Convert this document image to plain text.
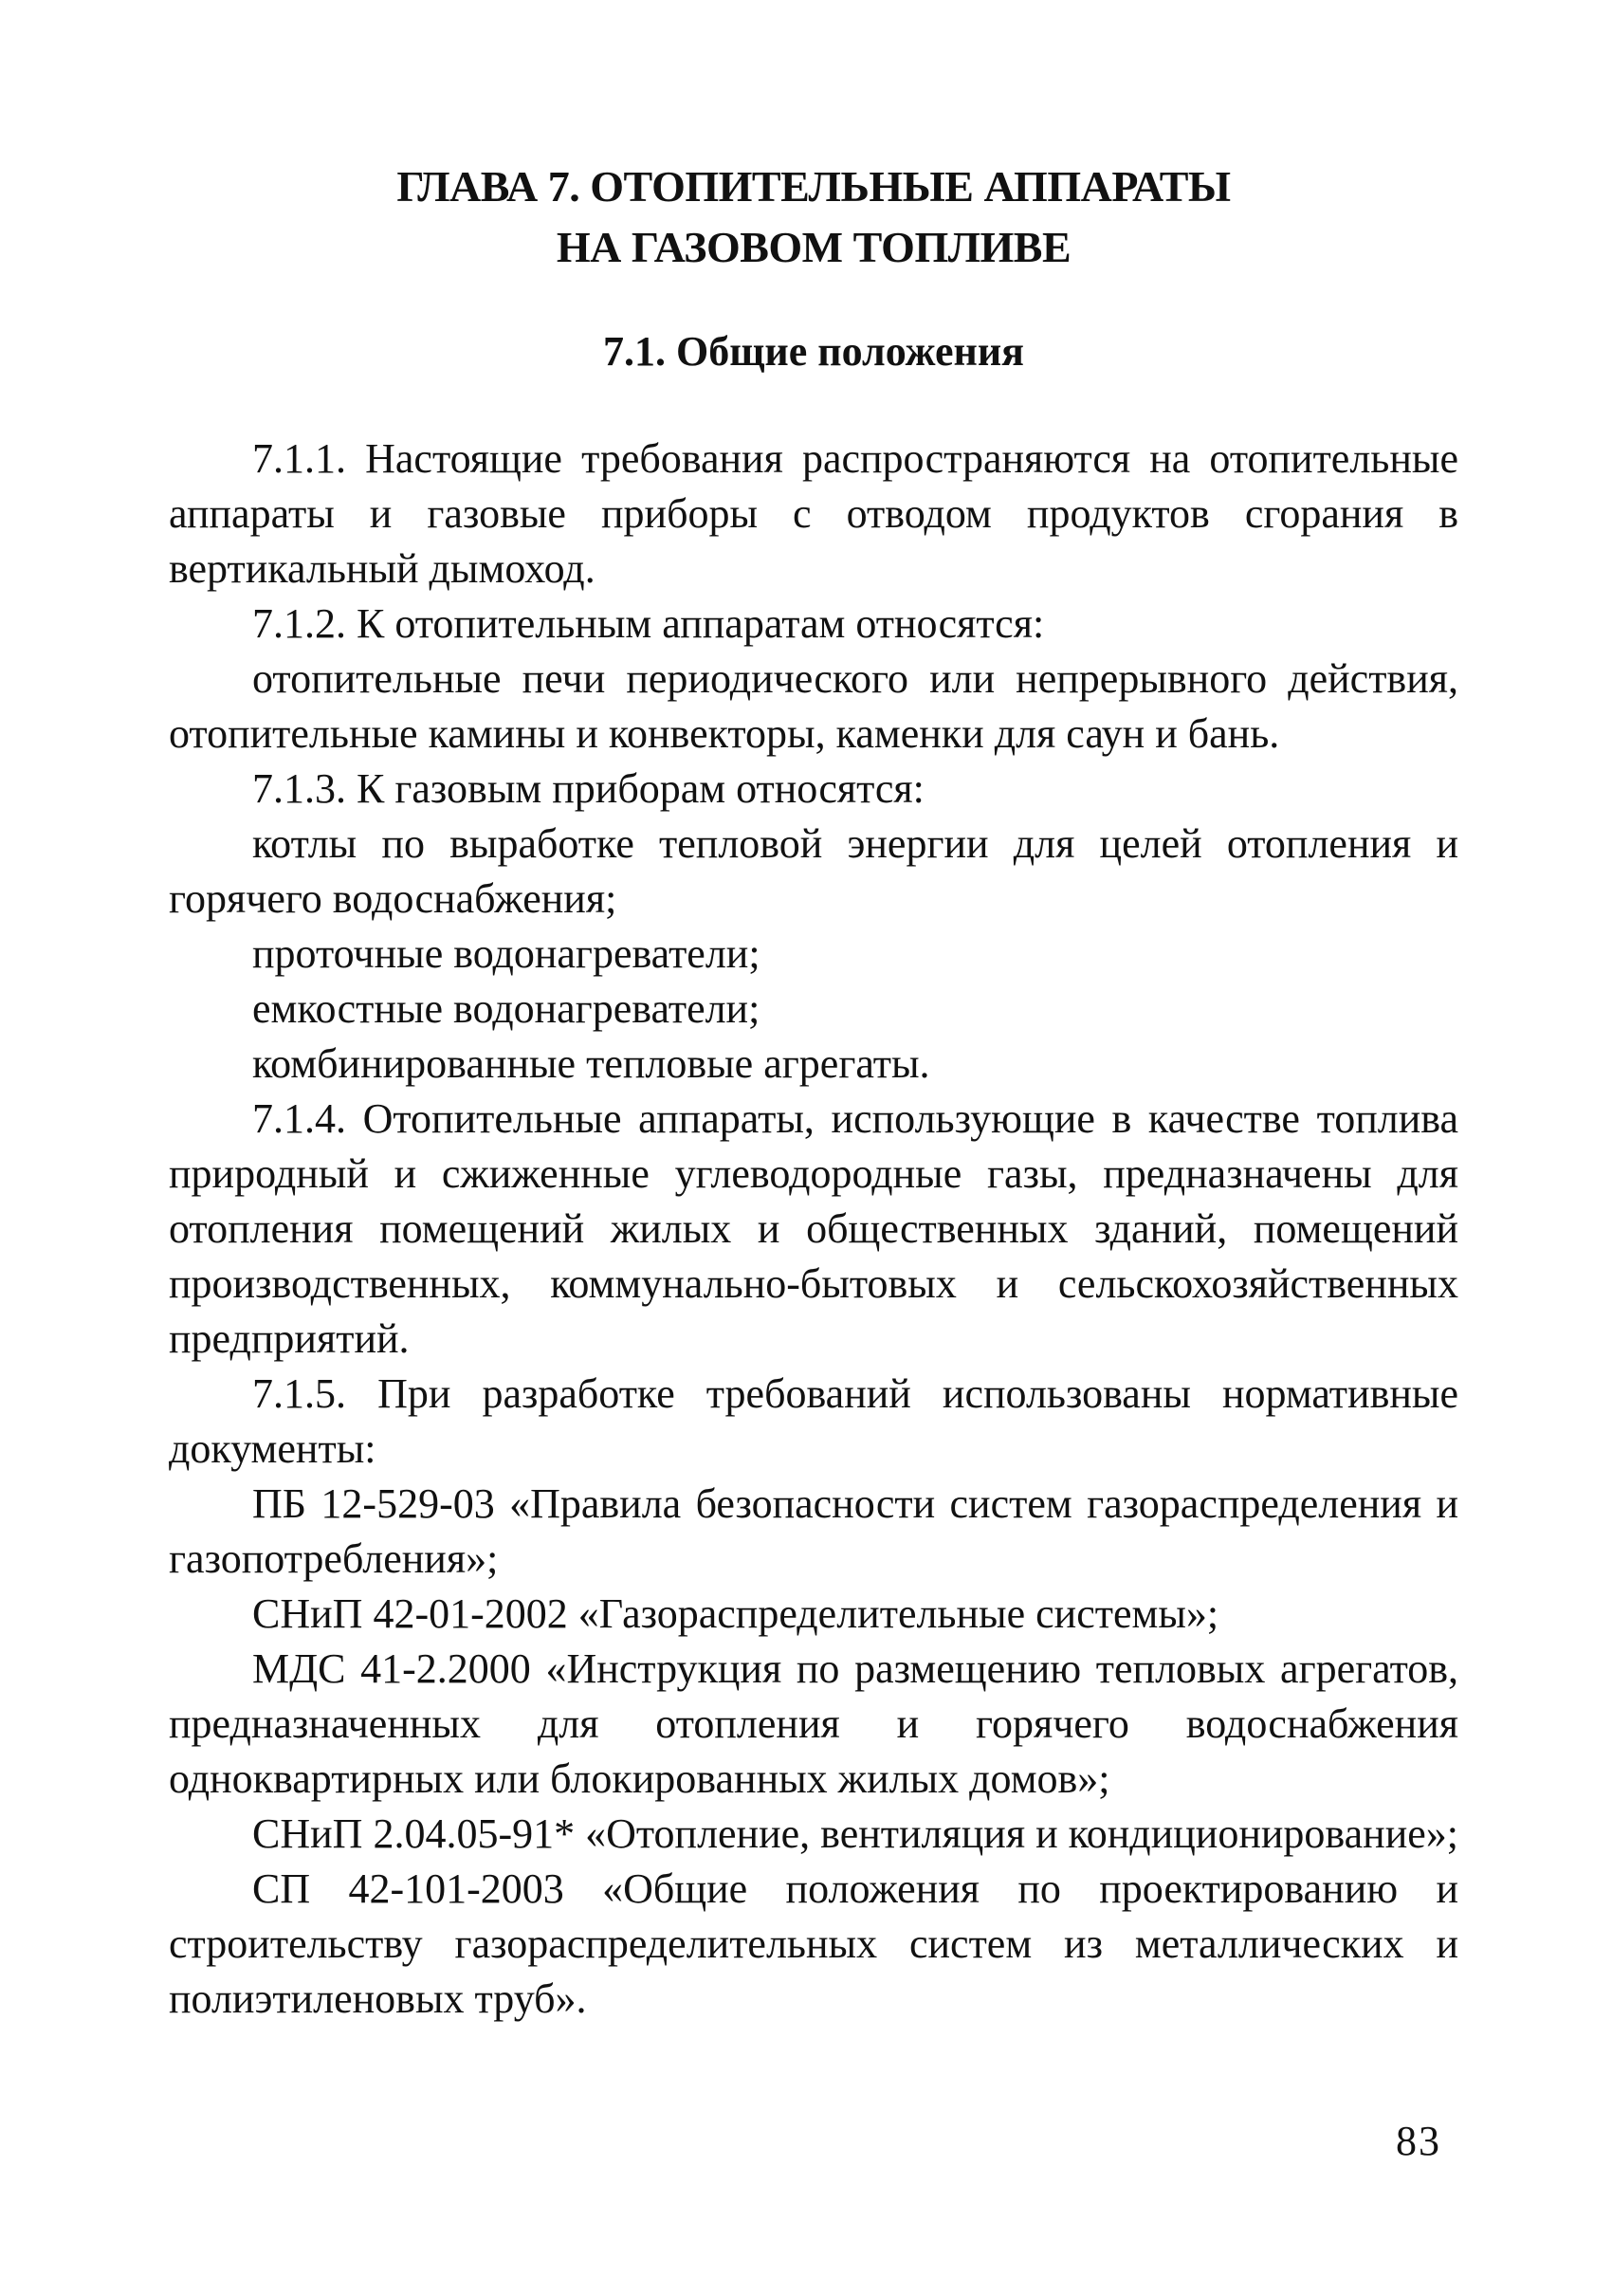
ГЛАВА 7. ОТОПИТЕЛЬНЫЕ АППАРАТЫ
НА ГАЗОВОМ ТОПЛИВЕ
7.1. Общие положения

7.1.1. Настоящие требования распространяются на отопительные аппараты и газовые приборы с отводом продуктов сгорания в вертикальный дымоход.

7.1.2. К отопительным аппаратам относятся:

отопительные печи периодического или непрерывного действия, отопительные камины и конвекторы, каменки для саун и бань.

7.1.3. К газовым приборам относятся:

котлы по выработке тепловой энергии для целей отопления и горячего водоснабжения;

проточные водонагреватели;

емкостные водонагреватели;

комбинированные тепловые агрегаты.

7.1.4. Отопительные аппараты, использующие в качестве топлива природный и сжиженные углеводородные газы, предназначены для отопления помещений жилых и общественных зданий, помещений производственных, коммунально-бытовых и сельскохозяйственных предприятий.

7.1.5. При разработке требований использованы нормативные документы:

ПБ 12-529-03 «Правила безопасности систем газораспределения и газопотребления»;

СНиП 42-01-2002 «Газораспределительные системы»;

МДС 41-2.2000 «Инструкция по размещению тепловых агрегатов, предназначенных для отопления и горячего водоснабжения одноквартирных или блокированных жилых домов»;

СНиП 2.04.05-91* «Отопление, вентиляция и кондиционирование»;

СП 42-101-2003 «Общие положения по проектированию и строительству газораспределительных систем из металлических и полиэтиленовых труб».

83
